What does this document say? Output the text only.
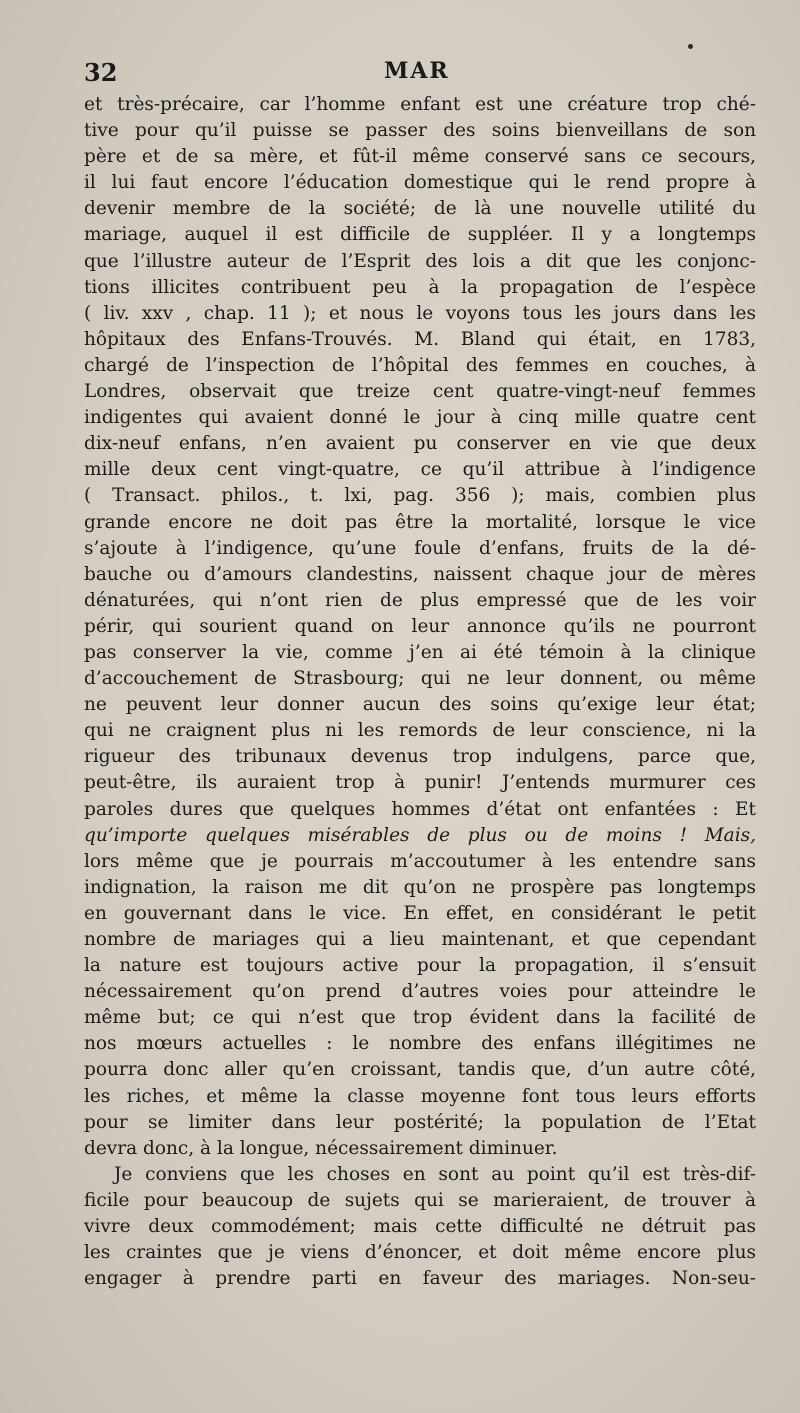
32	MAR
et très-précaire, car l’homme enfant est une créature trop ché-
tive pour qu’il puisse se passer des soins bienveillans de son
père et de sa mère, et fût-il même conservé sans ce secours,
il lui faut encore l’éducation domestique qui le rend propre à
devenir membre de la société; de là une nouvelle utilité du
mariage, auquel il est difficile de suppléer. Il y a longtemps
que l’illustre auteur de l’Esprit des lois a dit que les conjonc-
tions illicites contribuent peu à la propagation de l’espèce
( liv. xxv , chap. 11 ); et nous le voyons tous les jours dans les
hôpitaux des Enfans-Trouvés. M. Bland qui était, en 1783,
chargé de l’inspection de l’hôpital des femmes en couches, à
Londres, observait que treize cent quatre-vingt-neuf femmes
indigentes qui avaient donné le jour à cinq mille quatre cent
dix-neuf enfans, n’en avaient pu conserver en vie que deux
mille deux cent vingt-quatre, ce qu’il attribue à l’indigence
( Transact. philos., t. lxi, pag. 356 ); mais, combien plus
grande encore ne doit pas être la mortalité, lorsque le vice
s’ajoute à l’indigence, qu’une foule d’enfans, fruits de la dé-
bauche ou d’amours clandestins, naissent chaque jour de mères
dénaturées, qui n’ont rien de plus empressé que de les voir
périr, qui sourient quand on leur annonce qu’ils ne pourront
pas conserver la vie, comme j’en ai été témoin à la clinique
d’accouchement de Strasbourg; qui ne leur donnent, ou même
ne peuvent leur donner aucun des soins qu’exige leur état;
qui ne craignent plus ni les remords de leur conscience, ni la
rigueur des tribunaux devenus trop indulgens, parce que,
peut-être, ils auraient trop à punir! J’entends murmurer ces
paroles dures que quelques hommes d’état ont enfantées : Et
qu’importe quelques misérables de plus ou de moins ! Mais,
lors même que je pourrais m’accoutumer à les entendre sans
indignation, la raison me dit qu’on ne prospère pas longtemps
en gouvernant dans le vice. En effet, en considérant le petit
nombre de mariages qui a lieu maintenant, et que cependant
la nature est toujours active pour la propagation, il s’ensuit
nécessairement qu’on prend d’autres voies pour atteindre le
même but; ce qui n’est que trop évident dans la facilité de
nos mœurs actuelles : le nombre des enfans illégitimes ne
pourra donc aller qu’en croissant, tandis que, d’un autre côté,
les riches, et même la classe moyenne font tous leurs efforts
pour se limiter dans leur postérité; la population de l’Etat
devra donc, à la longue, nécessairement diminuer.
Je conviens que les choses en sont au point qu’il est très-dif-
ficile pour beaucoup de sujets qui se marieraient, de trouver à
vivre deux commodément; mais cette difficulté ne détruit pas
les craintes que je viens d’énoncer, et doit même encore plus
engager à prendre parti en faveur des mariages. Non-seu-
